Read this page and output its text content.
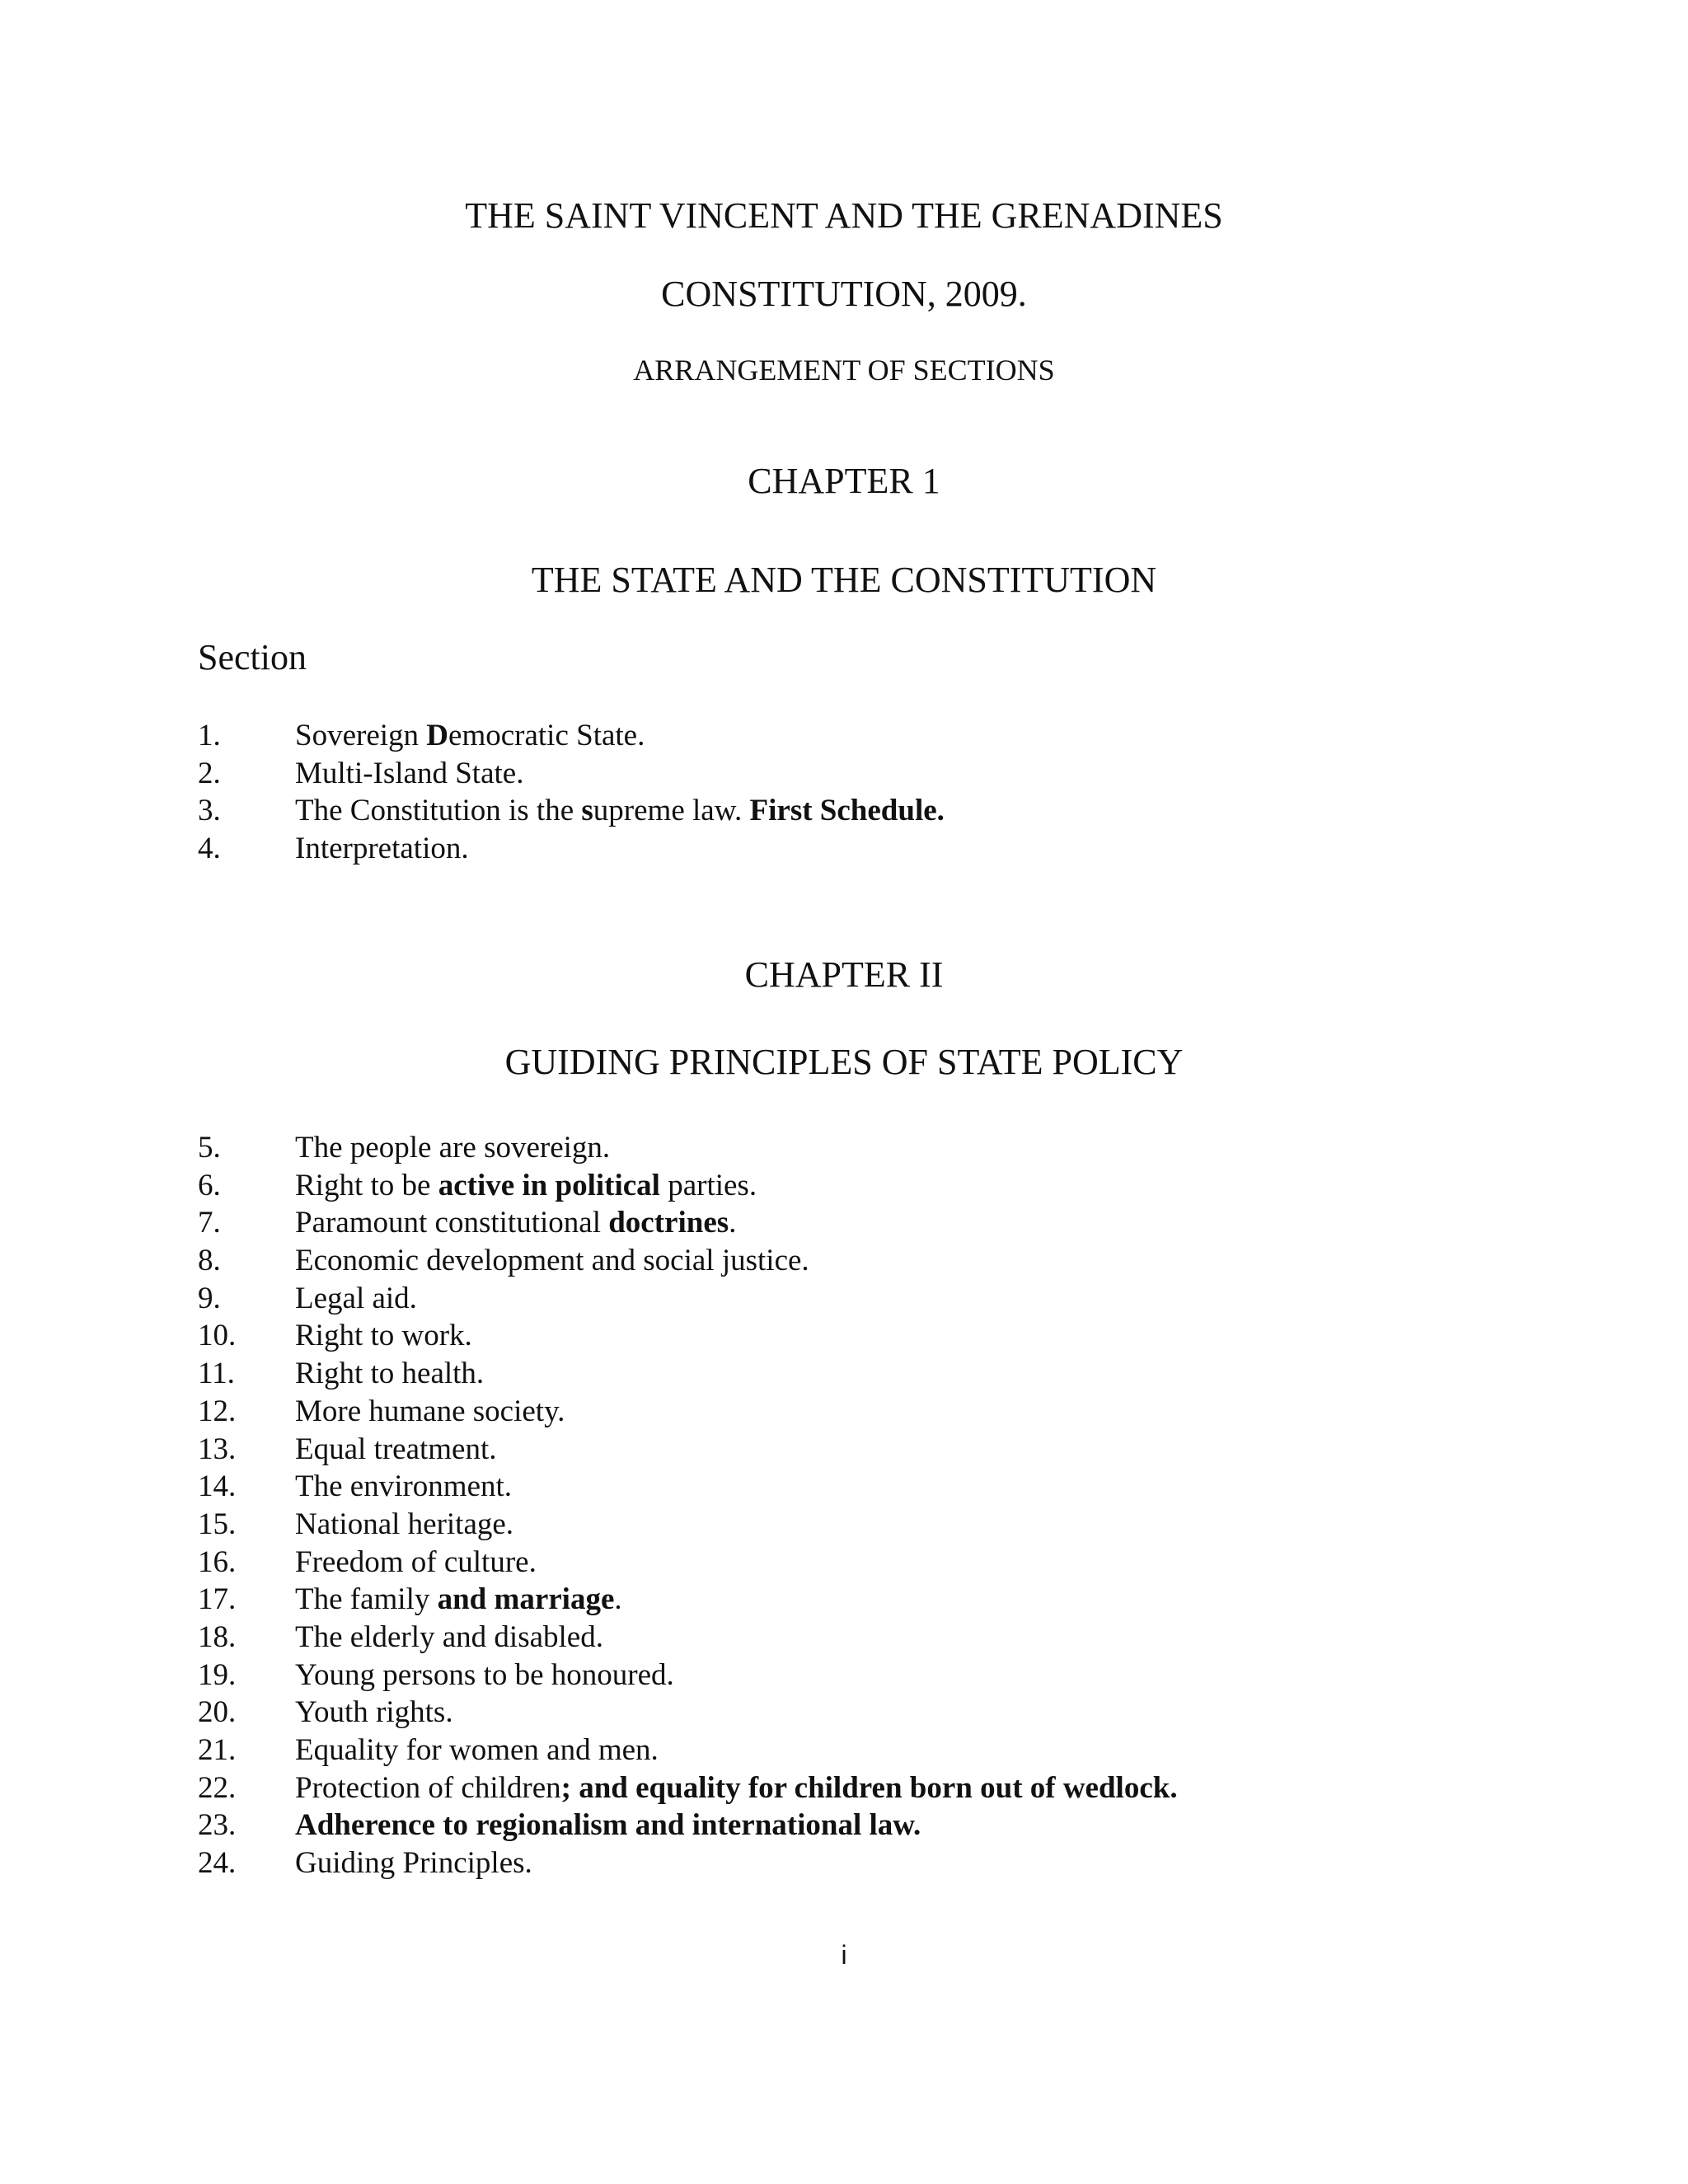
THE SAINT VINCENT AND THE GRENADINES
CONSTITUTION, 2009.
ARRANGEMENT OF SECTIONS
CHAPTER 1
THE STATE AND THE CONSTITUTION
Section
1. Sovereign Democratic State.
2. Multi-Island State.
3. The Constitution is the supreme law. First Schedule.
4. Interpretation.
CHAPTER II
GUIDING PRINCIPLES OF STATE POLICY
5. The people are sovereign.
6. Right to be active in political parties.
7. Paramount constitutional doctrines.
8. Economic development and social justice.
9. Legal aid.
10. Right to work.
11. Right to health.
12. More humane society.
13. Equal treatment.
14. The environment.
15. National heritage.
16. Freedom of culture.
17. The family and marriage.
18. The elderly and disabled.
19. Young persons to be honoured.
20. Youth rights.
21. Equality for women and men.
22. Protection of children; and equality for children born out of wedlock.
23. Adherence to regionalism and international law.
24. Guiding Principles.
i
